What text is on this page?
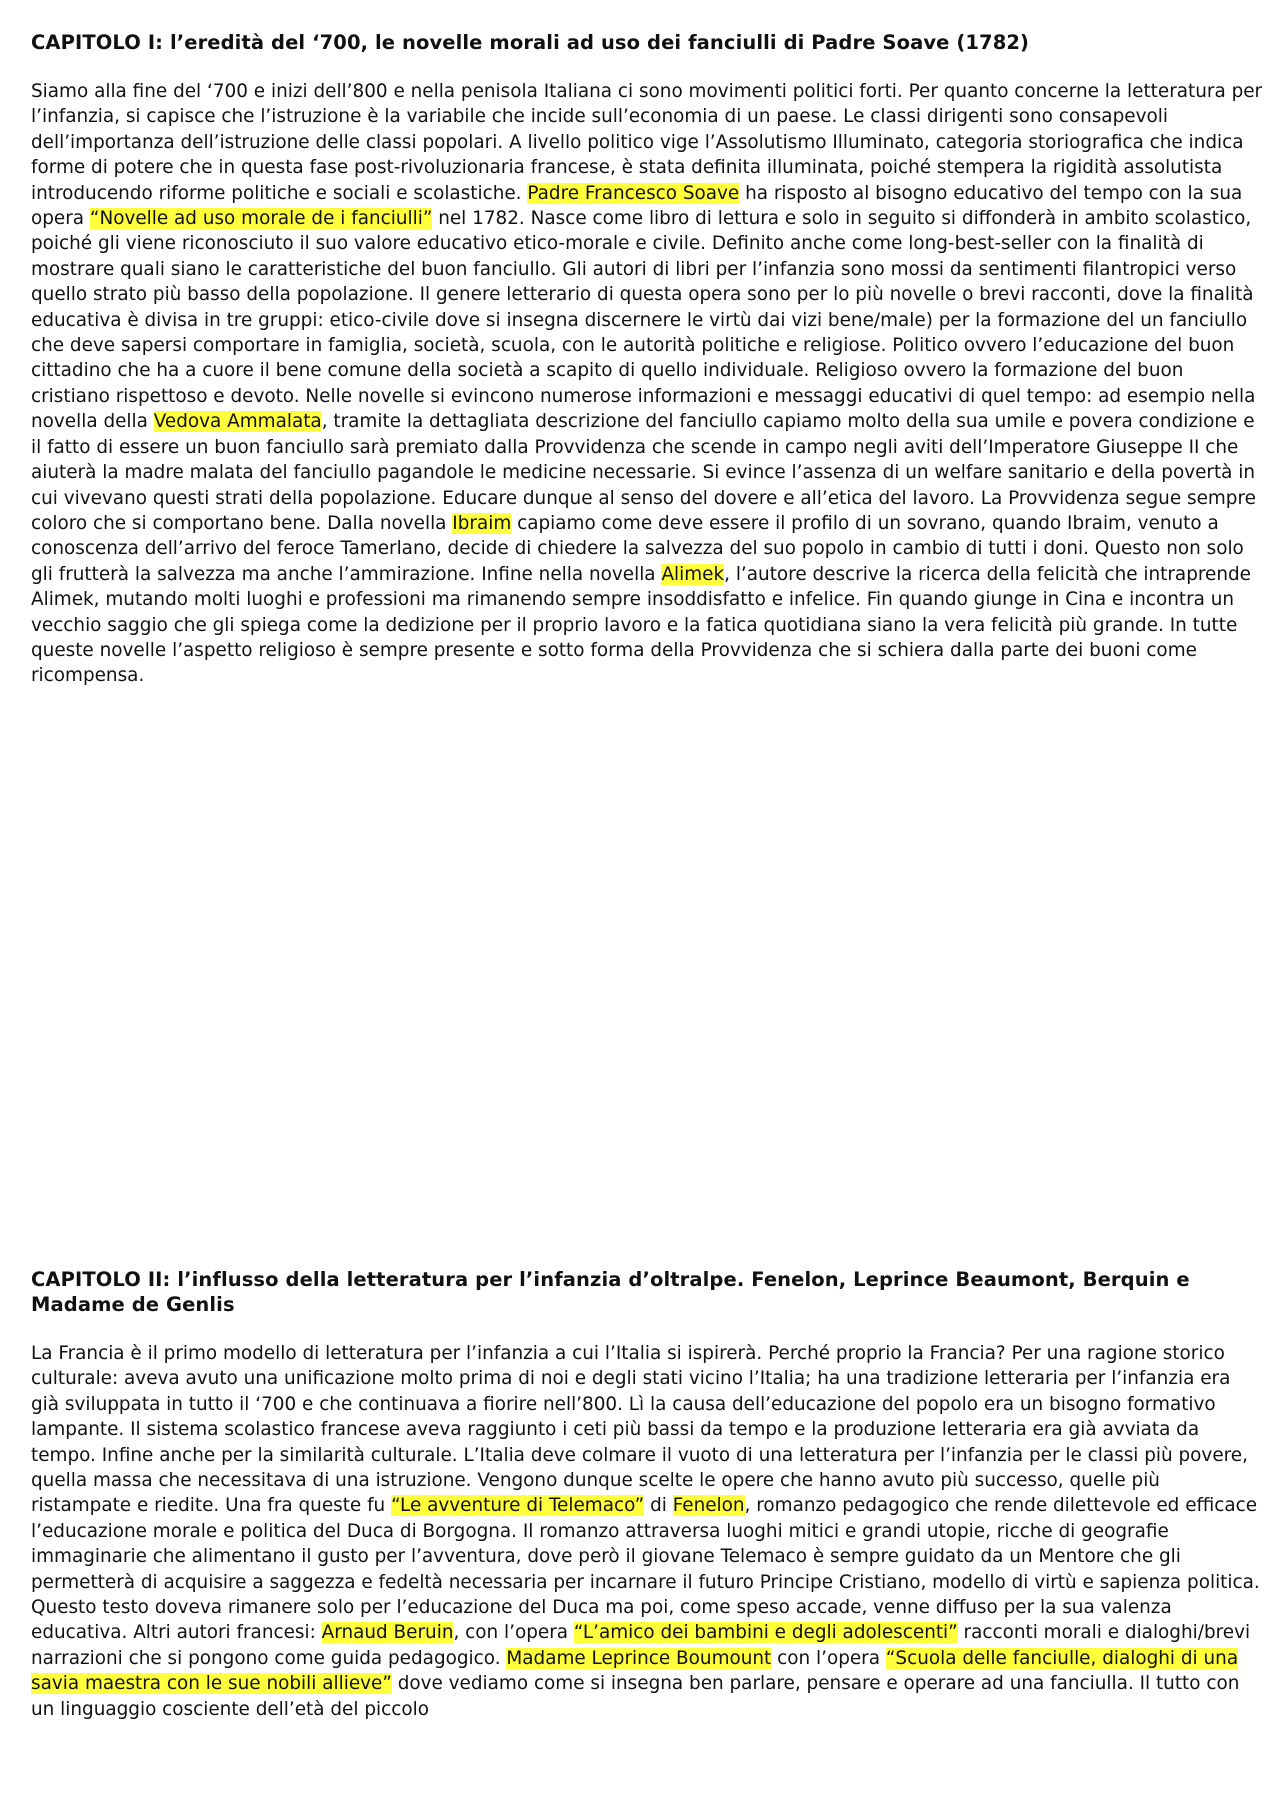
CAPITOLO I: l’eredità del ‘700, le novelle morali ad uso dei fanciulli di Padre Soave (1782)

Siamo alla fine del ‘700 e inizi dell’800 e nella penisola Italiana ci sono movimenti politici forti. Per quanto concerne la letteratura per l’infanzia, si capisce che l’istruzione è la variabile che incide sull’economia di un paese. Le classi dirigenti sono consapevoli dell’importanza dell’istruzione delle classi popolari. A livello politico vige l’Assolutismo Illuminato, categoria storiografica che indica forme di potere che in questa fase post-rivoluzionaria francese, è stata definita illuminata, poiché stempera la rigidità assolutista introducendo riforme politiche e sociali e scolastiche. Padre Francesco Soave ha risposto al bisogno educativo del tempo con la sua opera “Novelle ad uso morale de i fanciulli” nel 1782. Nasce come libro di lettura e solo in seguito si diffonderà in ambito scolastico, poiché gli viene riconosciuto il suo valore educativo etico-morale e civile. Definito anche come long-best-seller con la finalità di mostrare quali siano le caratteristiche del buon fanciullo. Gli autori di libri per l’infanzia sono mossi da sentimenti filantropici verso quello strato più basso della popolazione. Il genere letterario di questa opera sono per lo più novelle o brevi racconti, dove la finalità educativa è divisa in tre gruppi: etico-civile dove si insegna discernere le virtù dai vizi bene/male) per la formazione del un fanciullo che deve sapersi comportare in famiglia, società, scuola, con le autorità politiche e religiose. Politico ovvero l’educazione del buon cittadino che ha a cuore il bene comune della società a scapito di quello individuale. Religioso ovvero la formazione del buon cristiano rispettoso e devoto. Nelle novelle si evincono numerose informazioni e messaggi educativi di quel tempo: ad esempio nella novella della Vedova Ammalata, tramite la dettagliata descrizione del fanciullo capiamo molto della sua umile e povera condizione e il fatto di essere un buon fanciullo sarà premiato dalla Provvidenza che scende in campo negli aviti dell’Imperatore Giuseppe II che aiuterà la madre malata del fanciullo pagandole le medicine necessarie. Si evince l’assenza di un welfare sanitario e della povertà in cui vivevano questi strati della popolazione. Educare dunque al senso del dovere e all’etica del lavoro. La Provvidenza segue sempre coloro che si comportano bene. Dalla novella Ibraim capiamo come deve essere il profilo di un sovrano, quando Ibraim, venuto a conoscenza dell’arrivo del feroce Tamerlano, decide di chiedere la salvezza del suo popolo in cambio di tutti i doni. Questo non solo gli frutterà la salvezza ma anche l’ammirazione. Infine nella novella Alimek, l’autore descrive la ricerca della felicità che intraprende Alimek, mutando molti luoghi e professioni ma rimanendo sempre insoddisfatto e infelice. Fin quando giunge in Cina e incontra un vecchio saggio che gli spiega come la dedizione per il proprio lavoro e la fatica quotidiana siano la vera felicità più grande. In tutte queste novelle l’aspetto religioso è sempre presente e sotto forma della Provvidenza che si schiera dalla parte dei buoni come ricompensa.

CAPITOLO II: l’influsso della letteratura per l’infanzia d’oltralpe. Fenelon, Leprince Beaumont, Berquin e Madame de Genlis

La Francia è il primo modello di letteratura per l’infanzia a cui l’Italia si ispirerà. Perché proprio la Francia? Per una ragione storico culturale: aveva avuto una unificazione molto prima di noi e degli stati vicino l’Italia; ha una tradizione letteraria per l’infanzia era già sviluppata in tutto il ‘700 e che continuava a fiorire nell’800. Lì la causa dell’educazione del popolo era un bisogno formativo lampante. Il sistema scolastico francese aveva raggiunto i ceti più bassi da tempo e la produzione letteraria era già avviata da tempo. Infine anche per la similarità culturale. L’Italia deve colmare il vuoto di una letteratura per l’infanzia per le classi più povere, quella massa che necessitava di una istruzione. Vengono dunque scelte le opere che hanno avuto più successo, quelle più ristampate e riedite. Una fra queste fu “Le avventure di Telemaco” di Fenelon, romanzo pedagogico che rende dilettevole ed efficace l’educazione morale e politica del Duca di Borgogna. Il romanzo attraversa luoghi mitici e grandi utopie, ricche di geografie immaginarie che alimentano il gusto per l’avventura, dove però il giovane Telemaco è sempre guidato da un Mentore che gli permetterà di acquisire a saggezza e fedeltà necessaria per incarnare il futuro Principe Cristiano, modello di virtù e sapienza politica. Questo testo doveva rimanere solo per l’educazione del Duca ma poi, come speso accade, venne diffuso per la sua valenza educativa. Altri autori francesi: Arnaud Beruin, con l’opera “L’amico dei bambini e degli adolescenti” racconti morali e dialoghi/brevi narrazioni che si pongono come guida pedagogico. Madame Leprince Boumount con l’opera “Scuola delle fanciulle, dialoghi di una savia maestra con le sue nobili allieve” dove vediamo come si insegna ben parlare, pensare e operare ad una fanciulla. Il tutto con un linguaggio cosciente dell’età del piccolo
